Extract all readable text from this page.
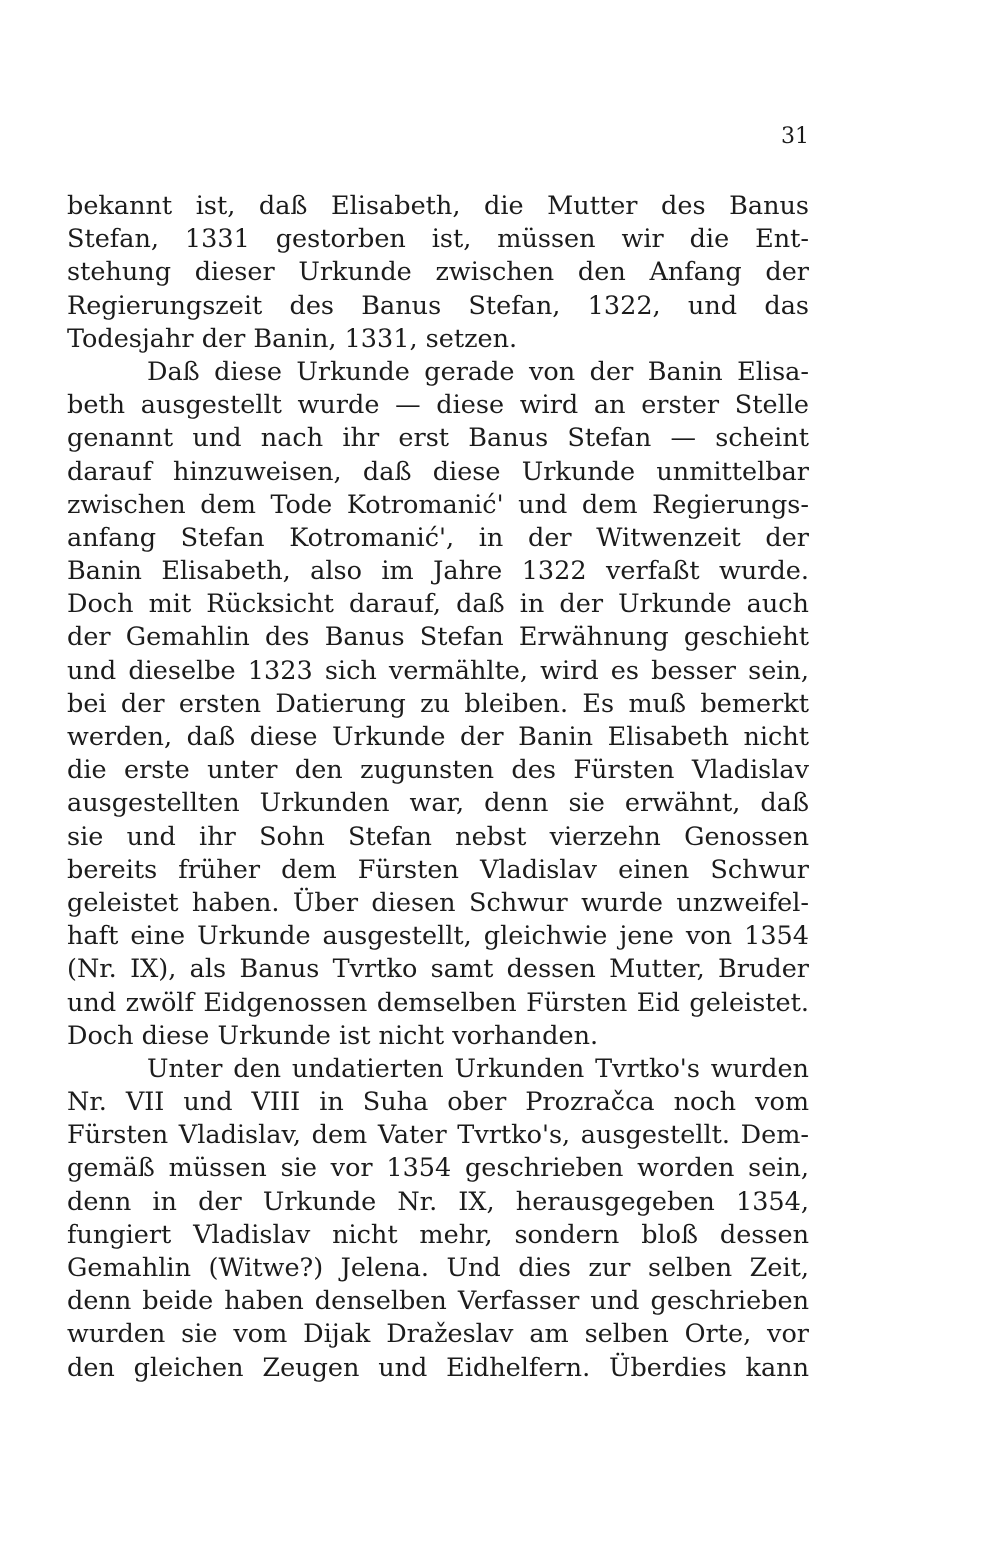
31
bekannt ist, daß Elisabeth, die Mutter des Banus
Stefan, 1331 gestorben ist, müssen wir die Ent-
stehung dieser Urkunde zwischen den Anfang der
Regierungszeit des Banus Stefan, 1322, und das
Todesjahr der Banin, 1331, setzen.
Daß diese Urkunde gerade von der Banin Elisa-
beth ausgestellt wurde — diese wird an erster Stelle
genannt und nach ihr erst Banus Stefan — scheint
darauf hinzuweisen, daß diese Urkunde unmittelbar
zwischen dem Tode Kotromanić' und dem Regierungs-
anfang Stefan Kotromanić', in der Witwenzeit der
Banin Elisabeth, also im Jahre 1322 verfaßt wurde.
Doch mit Rücksicht darauf, daß in der Urkunde auch
der Gemahlin des Banus Stefan Erwähnung geschieht
und dieselbe 1323 sich vermählte, wird es besser sein,
bei der ersten Datierung zu bleiben. Es muß bemerkt
werden, daß diese Urkunde der Banin Elisabeth nicht
die erste unter den zugunsten des Fürsten Vladislav
ausgestellten Urkunden war, denn sie erwähnt, daß
sie und ihr Sohn Stefan nebst vierzehn Genossen
bereits früher dem Fürsten Vladislav einen Schwur
geleistet haben. Über diesen Schwur wurde unzweifel-
haft eine Urkunde ausgestellt, gleichwie jene von 1354
(Nr. IX), als Banus Tvrtko samt dessen Mutter, Bruder
und zwölf Eidgenossen demselben Fürsten Eid geleistet.
Doch diese Urkunde ist nicht vorhanden.
Unter den undatierten Urkunden Tvrtko's wurden
Nr. VII und VIII in Suha ober Prozračca noch vom
Fürsten Vladislav, dem Vater Tvrtko's, ausgestellt. Dem-
gemäß müssen sie vor 1354 geschrieben worden sein,
denn in der Urkunde Nr. IX, herausgegeben 1354,
fungiert Vladislav nicht mehr, sondern bloß dessen
Gemahlin (Witwe?) Jelena. Und dies zur selben Zeit,
denn beide haben denselben Verfasser und geschrieben
wurden sie vom Dijak Dražeslav am selben Orte, vor
den gleichen Zeugen und Eidhelfern. Überdies kann
